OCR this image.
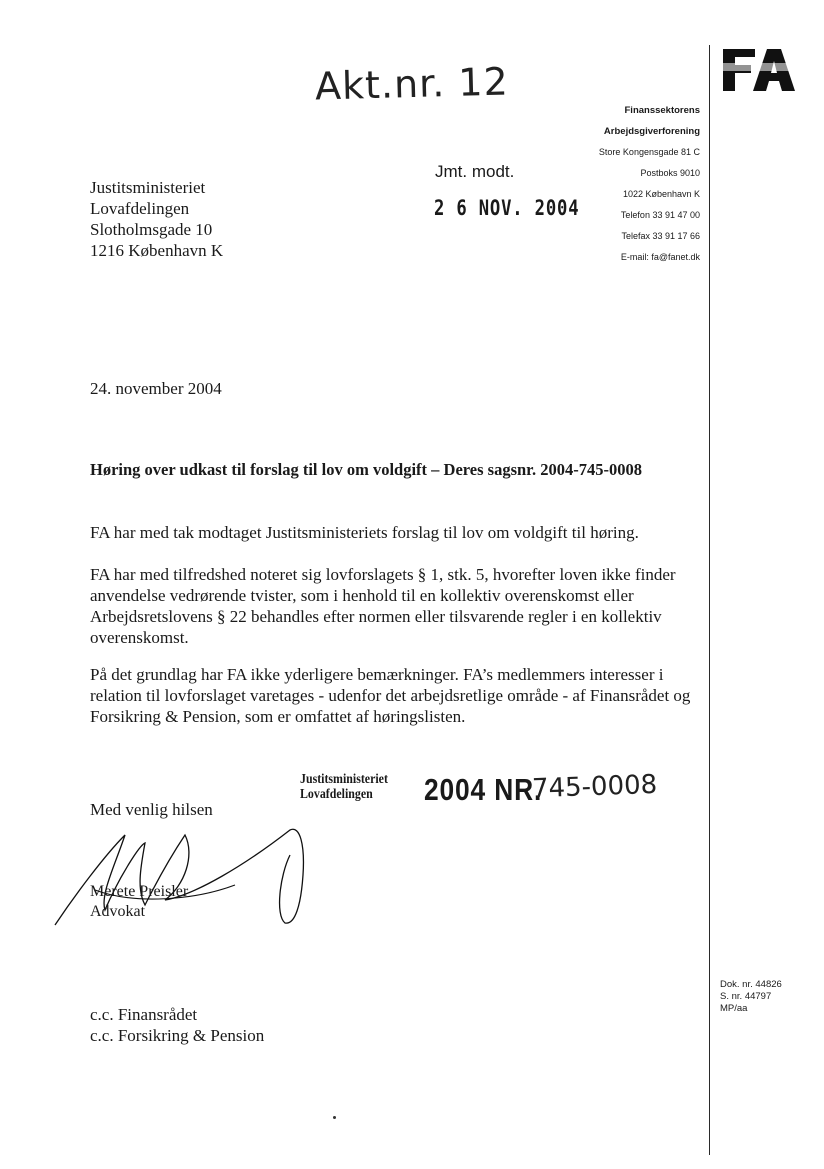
Akt.nr. 12
Finanssektorens
Arbejdsgiverforening
Store Kongensgade 81 C
Postboks 9010
1022 København K
Telefon 33 91 47 00
Telefax 33 91 17 66
E-mail: fa@fanet.dk
Jmt. modt.
2 6 NOV. 2004
Justitsministeriet
Lovafdelingen
Slotholmsgade 10
1216 København K
24. november 2004
Høring over udkast til forslag til lov om voldgift – Deres sagsnr. 2004-745-0008

FA har med tak modtaget Justitsministeriets forslag til lov om voldgift til høring.

FA har med tilfredshed noteret sig lovforslagets § 1, stk. 5, hvorefter loven ikke finder anvendelse vedrørende tvister, som i henhold til en kollektiv overenskomst eller Arbejdsretslovens § 22 behandles efter normen eller tilsvarende regler i en kollektiv overenskomst.

På det grundlag har FA ikke yderligere bemærkninger. FA’s medlemmers interesser i relation til lovforslaget varetages - udenfor det arbejdsretlige område - af Finansrådet og Forsikring & Pension, som er omfattet af høringslisten.

Justitsministeriet
Lovafdelingen	2004 NR.
745-0008
Med venlig hilsen
Merete Preisler
Advokat
c.c. Finansrådet
c.c. Forsikring & Pension
Dok. nr. 44826
S. nr. 44797
MP/aa
